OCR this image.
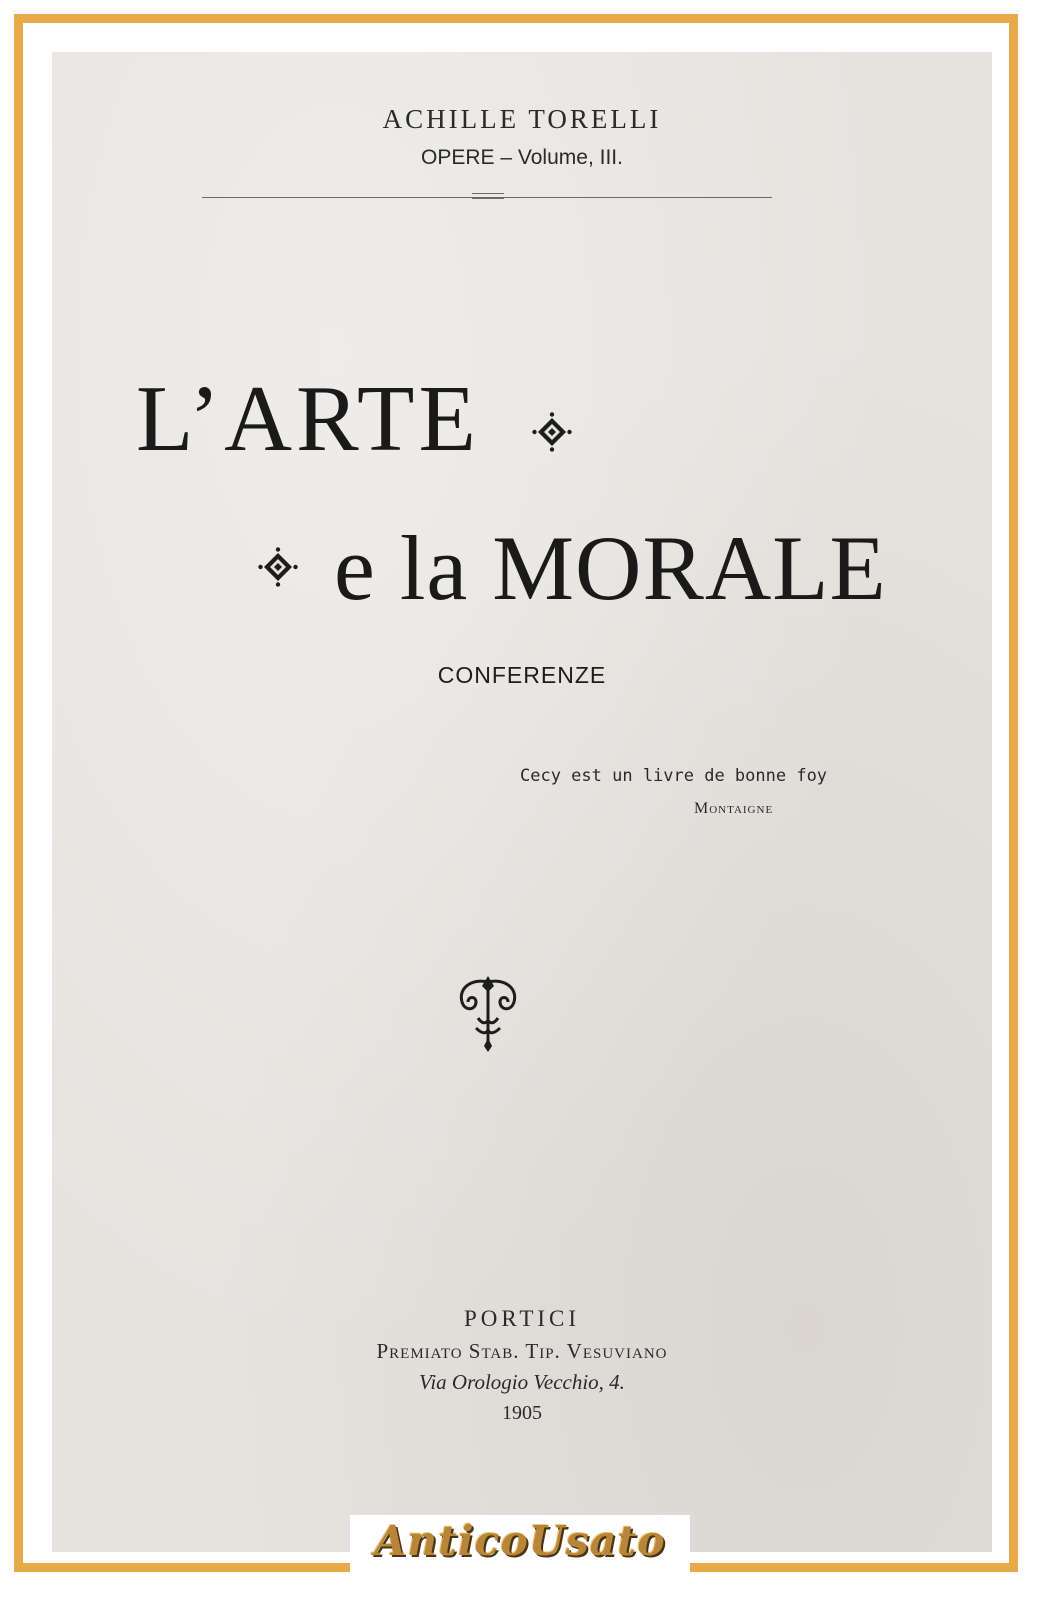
ACHILLE TORELLI
OPERE – Volume, III.
L’ARTE
e la MORALE
CONFERENZE
Cecy est un livre de bonne foy
Montaigne
PORTICI
Premiato Stab. Tip. Vesuviano
Via Orologio Vecchio, 4.
1905
AnticoUsato
